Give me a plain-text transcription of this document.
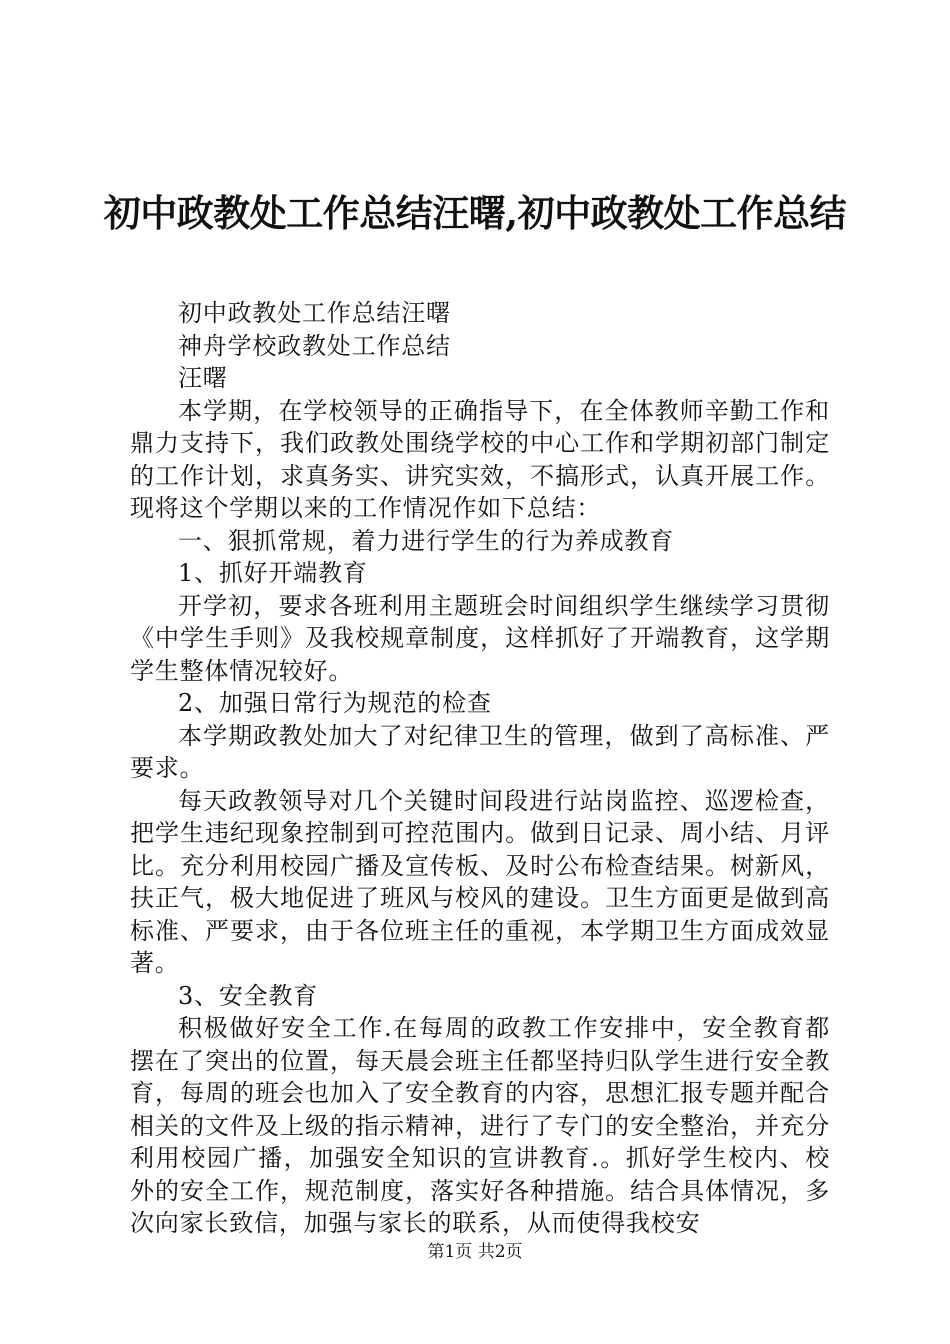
初中政教处工作总结汪曙,初中政教处工作总结

初中政教处工作总结汪曙

神舟学校政教处工作总结

汪曙

本学期，在学校领导的正确指导下，在全体教师辛勤工作和鼎力支持下，我们政教处围绕学校的中心工作和学期初部门制定的工作计划，求真务实、讲究实效，不搞形式，认真开展工作。现将这个学期以来的工作情况作如下总结：

一、狠抓常规，着力进行学生的行为养成教育

1、抓好开端教育

开学初，要求各班利用主题班会时间组织学生继续学习贯彻《中学生手则》及我校规章制度，这样抓好了开端教育，这学期学生整体情况较好。

2、加强日常行为规范的检查

本学期政教处加大了对纪律卫生的管理，做到了高标准、严要求。

每天政教领导对几个关键时间段进行站岗监控、巡逻检查，把学生违纪现象控制到可控范围内。做到日记录、周小结、月评比。充分利用校园广播及宣传板、及时公布检查结果。树新风，扶正气，极大地促进了班风与校风的建设。卫生方面更是做到高标准、严要求，由于各位班主任的重视，本学期卫生方面成效显著。

3、安全教育

积极做好安全工作.在每周的政教工作安排中，安全教育都摆在了突出的位置，每天晨会班主任都坚持归队学生进行安全教育，每周的班会也加入了安全教育的内容，思想汇报专题并配合相关的文件及上级的指示精神，进行了专门的安全整治，并充分利用校园广播，加强安全知识的宣讲教育.。抓好学生校内、校外的安全工作，规范制度，落实好各种措施。结合具体情况，多次向家长致信，加强与家长的联系，从而使得我校安

第1页 共2页
